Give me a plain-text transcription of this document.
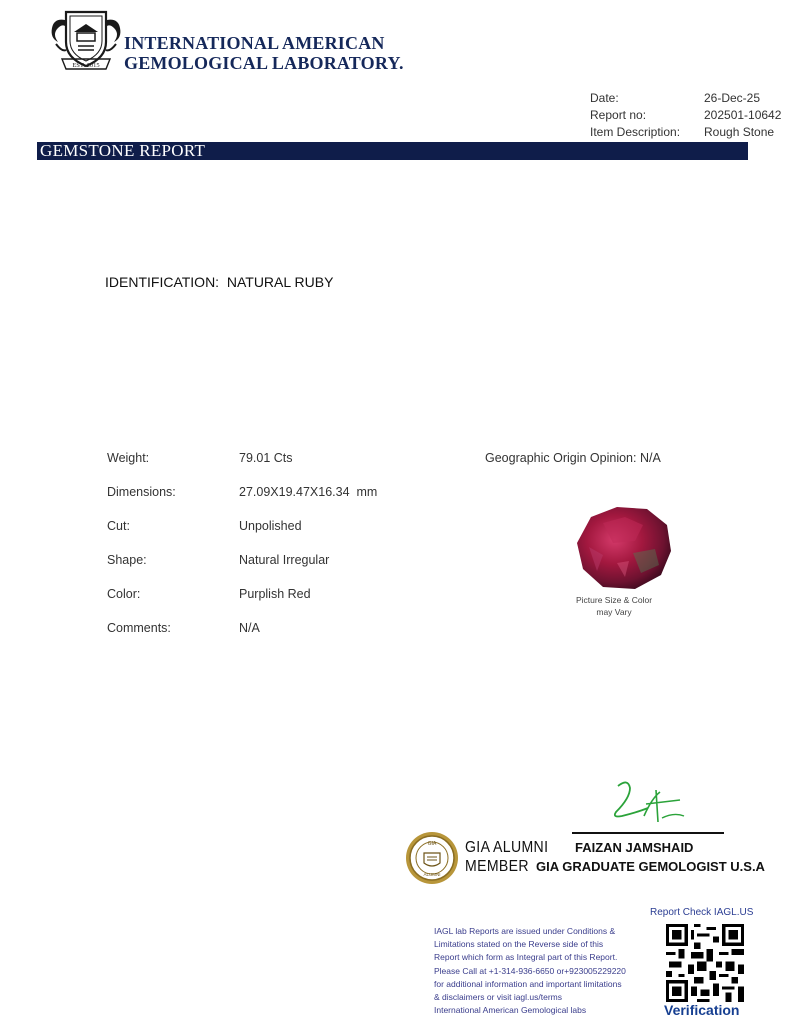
EST. 2015
INTERNATIONAL AMERICAN
GEMOLOGICAL LABORATORY.
Date:	26-Dec-25
Report no:	202501-10642
Item Description:	Rough Stone
GEMSTONE REPORT
IDENTIFICATION: NATURAL RUBY
Weight:	79.01 Cts
Dimensions:	27.09X19.47X16.34  mm
Cut:	Unpolished
Shape:	Natural Irregular
Color:	Purplish Red
Comments:	N/A
Geographic Origin Opinion: N/A
Picture Size & Color
may Vary
FAIZAN JAMSHAID
GIA GRADUATE GEMOLOGIST U.S.A
GIA
ALUMNI
GIA ALUMNI
MEMBER
IAGL lab Reports are issued under Conditions &
Limitations stated on the Reverse side of this
Report which form as Integral part of this Report.
Please Call at +1-314-936-6650 or+923005229220
for additional information and important limitations
& disclaimers or visit iagl.us/terms
International American Gemological labs
Report Check IAGL.US
Verification
